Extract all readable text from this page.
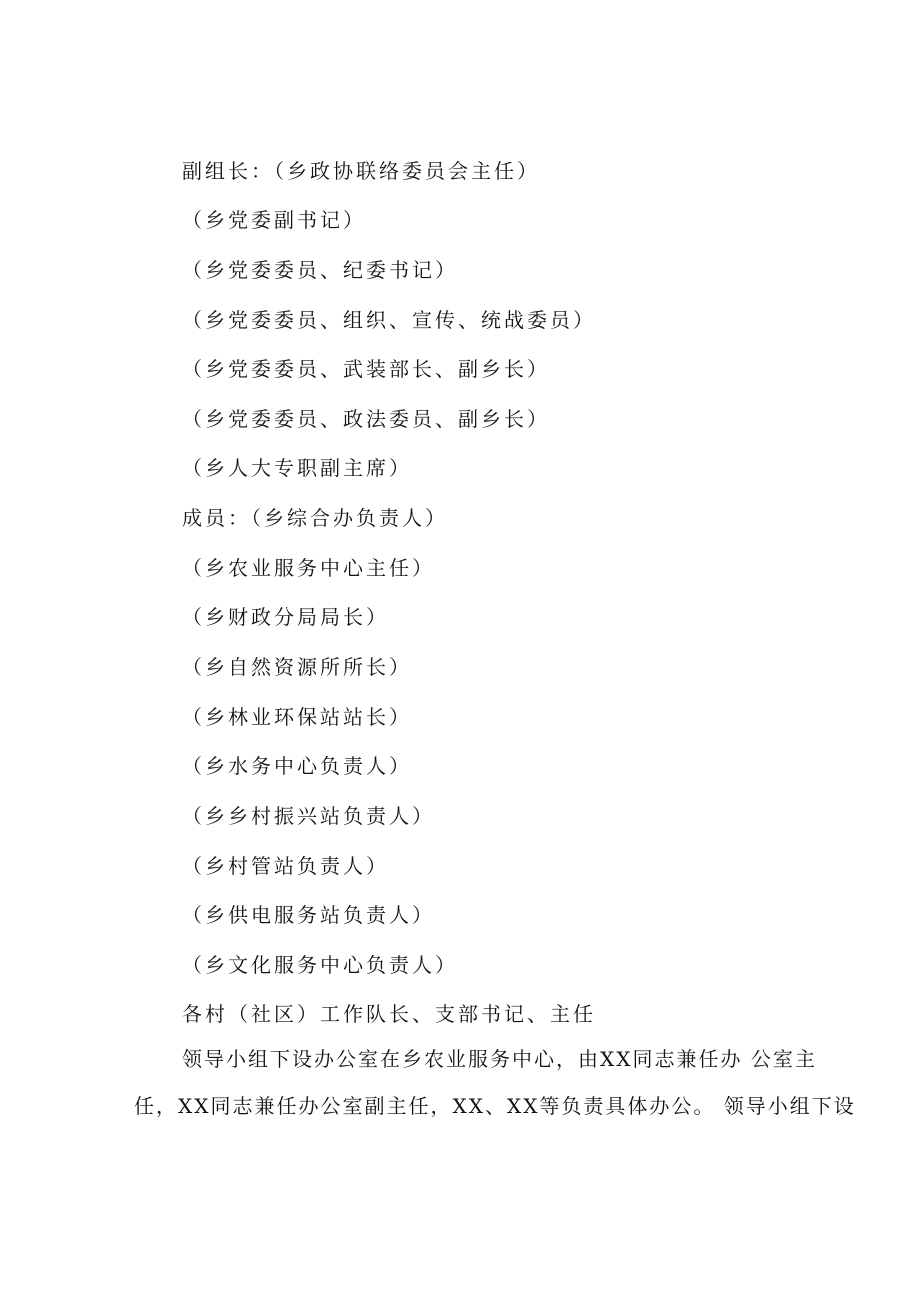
副组长：（乡政协联络委员会主任）
（乡党委副书记）
（乡党委委员、纪委书记）
（乡党委委员、组织、宣传、统战委员）
（乡党委委员、武装部长、副乡长）
（乡党委委员、政法委员、副乡长）
（乡人大专职副主席）
成员：（乡综合办负责人）
（乡农业服务中心主任）
（乡财政分局局长）
（乡自然资源所所长）
（乡林业环保站站长）
（乡水务中心负责人）
（乡乡村振兴站负责人）
（乡村管站负责人）
（乡供电服务站负责人）
（乡文化服务中心负责人）
各村（社区）工作队长、支部书记、主任
领导小组下设办公室在乡农业服务中心，由XX同志兼任办 公室主
任，XX同志兼任办公室副主任，XX、XX等负责具体办公。 领导小组下设
